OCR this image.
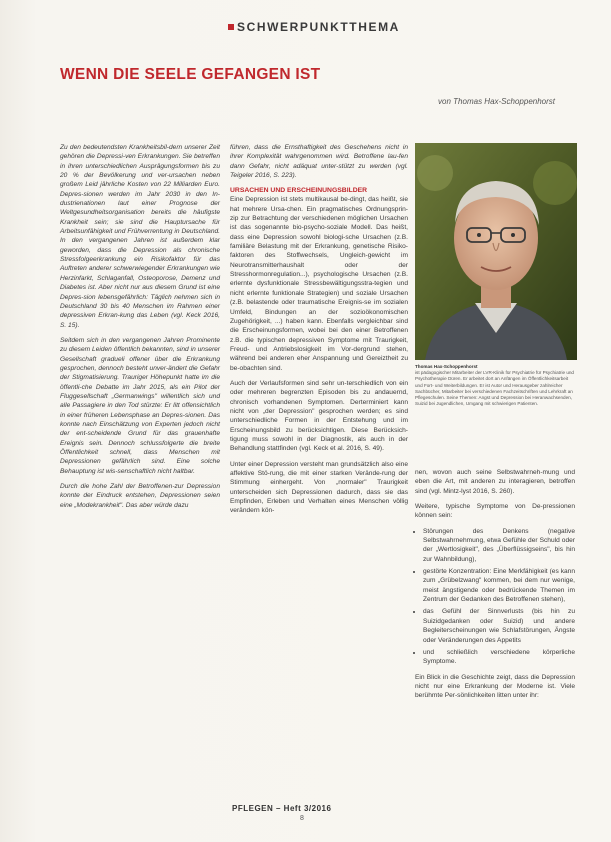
SCHWERPUNKTTHEMA
WENN DIE SEELE GEFANGEN IST
von Thomas Hax-Schoppenhorst

Zu den bedeutendsten Krankheitsbil-dern unserer Zeit gehören die Depressi-ven Erkrankungen. Sie betreffen in ihren unterschiedlichen Ausprägungsformen bis zu 20 % der Bevölkerung und ver-ursachen neben großem Leid jährliche Kosten von 22 Milliarden Euro. Depres-sionen werden im Jahr 2030 in den In-dustrienationen laut einer Prognose der Weltgesundheitsorganisation bereits die häufigste Krankheit sein; sie sind die Hauptursache für Arbeitsunfähigkeit und Frühverrentung in Deutschland. In den vergangenen Jahren ist außerdem klar geworden, dass die Depression als chronische Stressfolgeerkrankung ein Risikofaktor für das Auftreten anderer schwerwiegender Erkrankungen wie Herzinfarkt, Schlaganfall, Osteoporose, Demenz und Diabetes ist. Aber nicht nur aus diesem Grund ist eine Depres-sion lebensgefährlich: Täglich nehmen sich in Deutschland 30 bis 40 Menschen im Rahmen einer depressiven Erkran-kung das Leben (vgl. Keck 2016, S. 15).

Seitdem sich in den vergangenen Jahren Prominente zu diesem Leiden öffentlich bekannten, sind in unserer Gesellschaft gradueli offener über die Erkrankung gesprochen, dennoch besteht unver-ändert die Gefahr der Stigmatisierung. Trauriger Höhepunkt hatte im die öffentli-che Debatte im Jahr 2015, als ein Pilot der Fluggesellschaft „Germanwings" willentlich sich und alle Passagiere in den Tod stürzte: Er litt offensichtlich in einer früheren Lebensphase an Depres-sionen. Das konnte nach Einschätzung von Experten jedoch nicht der ent-scheidende Grund für das grauenhafte Ereignis sein. Dennoch schlussfolgerte die breite Öffentlichkeit schnell, dass Menschen mit Depressionen gefährlich sind. Eine solche Behauptung ist wis-senschaftlich nicht haltbar.

Durch die hohe Zahl der Betroffenen-zur Depression konnte der Eindruck entstehen, Depressionen seien eine „Modekrankheit". Das aber würde dazu

führen, dass die Ernsthaftigkeit des Geschehens nicht in ihrer Komplexität wahrgenommen wird. Betroffene lau-fen dann Gefahr, nicht adäquat unter-stützt zu werden (vgl. Teigeler 2016, S. 223).

URSACHEN UND ERSCHEINUNGSBILDER

Eine Depression ist stets multikausal be-dingt, das heißt, sie hat mehrere Ursa-chen. Ein pragmatisches Ordnungsprin-zip zur Betrachtung der verschiedenen möglichen Ursachen ist das sogenannte bio-psycho-soziale Modell. Das heißt, dass eine Depression sowohl biologi-sche Ursachen (z.B. familiäre Belastung mit der Erkrankung, genetische Risiko-faktoren des Stoffwechsels, Ungleich-gewicht im Neurotransmitterhaushalt oder der Stresshormonregulation...), psychologische Ursachen (z.B. erlernte dysfunktionale Stressbewältigungsstra-tegien und nicht erlernte funktionale Strategien) und soziale Ursachen (z.B. belastende oder traumatische Ereignis-se im sozialen Umfeld, Bindungen an der sozioökonomischen Zugehörigkeit, ...) haben kann. Ebenfalls vergleichbar sind die Erscheinungsformen, wobei bei den einer Betroffenen z.B. die typischen depressiven Symptome mit Traurigkeit, Freud- und Antriebslosigkeit im Vor-dergrund stehen, während bei anderen eher Anspannung und Gereiztheit zu be-obachten sind.

Auch der Verlaufsformen sind sehr un-terschiedlich von ein oder mehreren begrenzten Episoden bis zu andauernd, chronisch vorhandenen Symptomen. Derterminiert kann nicht von „der Depression" gesprochen werden; es sind unterschiedliche Formen in der Entstehung und im Erscheinungsbild zu berücksichtigen. Diese Berücksich-tigung muss sowohl in der Diagnostik, als auch in der Behandlung stattfinden (vgl. Keck et al. 2016, S. 49).

Unter einer Depression versteht man grundsätzlich also eine affektive Stö-rung, die mit einer starken Verände-rung der Stimmung einhergeht. Von „normaler" Traurigkeit unterscheiden sich Depressionen dadurch, dass sie das Empfinden, Erleben und Verhalten eines Menschen völlig verändern kön-

Thomas Hax-Schoppenhorst
ist pädagogischer Mitarbeiter der LVR-Klinik für Psychiatrie für Psychiatrie und Psychotherapie Düren. Er arbeitet dort an Anfängen im Öffentlichkeitsarbeit und Fort- und Weiterbildungen. Er ist Autor und Herausgeber zahlreicher Sachbücher, Mitarbeiter bei verschiedenen Fachzeitschriften und Lehrkraft an Pflegeschulen. Seine Themen: Angst und Depression bei Heranwachsenden, Suizid bei Jugendlichen, Umgang mit schwierigen Patienten.

nen, wovon auch seine Selbstwahrneh-mung und eben die Art, mit anderen zu interagieren, betroffen sind (vgl. Mintz-lyst 2016, S. 260).

Weitere, typische Symptome von De-pressionen können sein:

• Störungen des Denkens (negative Selbstwahrnehmung, etwa Gefühle der Schuld oder der „Wertlosigkeit", des „Überflüssigseins", bis hin zur Wahnbildung),
• gestörte Konzentration: Eine Merkfähigkeit (es kann zum „Grübelzwang" kommen, bei dem nur wenige, meist ängstigende oder bedrückende Themen im Zentrum der Gedanken des Betroffenen stehen),
• das Gefühl der Sinnverlusts (bis hin zu Suizidgedanken oder Suizid) und andere Begleiterscheinungen wie Schlafstörungen, Ängste oder Veränderungen des Appetits
• und schließlich verschiedene körperliche Symptome.

Ein Blick in die Geschichte zeigt, dass die Depression nicht nur eine Erkrankung der Moderne ist. Viele berühmte Per-sönlichkeiten litten unter ihr:

PFLEGEN – Heft 3/2016
8
